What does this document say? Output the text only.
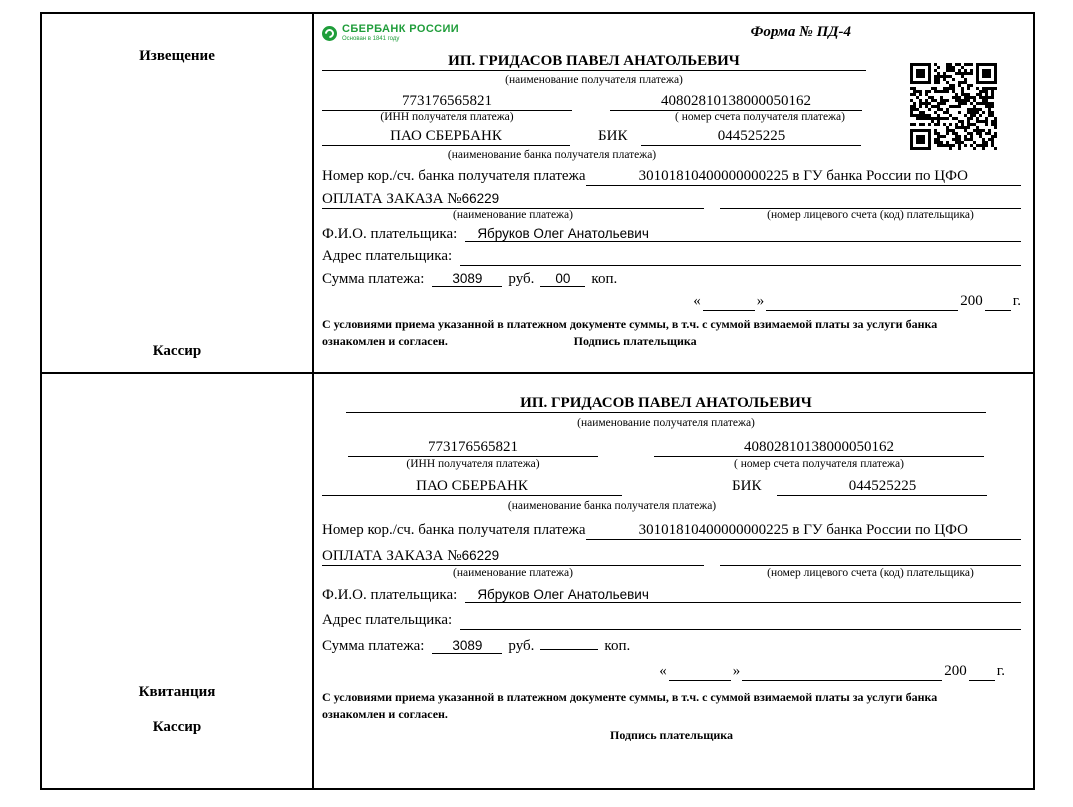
Извещение
Кассир
СБЕРБАНК РОССИИ
Основан в 1841 году	Форма № ПД-4
ИП. ГРИДАСОВ ПАВЕЛ АНАТОЛЬЕВИЧ
(наименование получателя платежа)
773176565821	40802810138000050162
(ИНН получателя платежа)	( номер счета получателя платежа)
ПАО СБЕРБАНК	БИК	044525225
(наименование банка получателя платежа)
Номер кор./сч. банка получателя платежа	30101810400000000225 в ГУ банка России по ЦФО
ОПЛАТА ЗАКАЗА №66229

(наименование платежа)	(номер лицевого счета (код) плательщика)
Ф.И.О. плательщика:	Ябруков Олег Анатольевич
Адрес плательщика:

Сумма платежа:	3089	руб.	00	коп.
«
	»
	200
г.
С условиями приема указанной в платежном документе суммы, в т.ч. с суммой взимаемой платы за услуги банка
ознакомлен и согласен.	Подпись плательщика
Квитанция
Кассир
ИП. ГРИДАСОВ ПАВЕЛ АНАТОЛЬЕВИЧ
(наименование получателя платежа)
773176565821	40802810138000050162
(ИНН получателя платежа)	( номер счета получателя платежа)
ПАО СБЕРБАНК	БИК	044525225
(наименование банка получателя платежа)
Номер кор./сч. банка получателя платежа	30101810400000000225 в ГУ банка России по ЦФО
ОПЛАТА ЗАКАЗА №66229

(наименование платежа)	(номер лицевого счета (код) плательщика)
Ф.И.О. плательщика:	Ябруков Олег Анатольевич
Адрес плательщика:

Сумма платежа:	3089	руб.	коп.
«
	»
	200
г.
С условиями приема указанной в платежном документе суммы, в т.ч. с суммой взимаемой платы за услуги банка
ознакомлен и согласен.
Подпись плательщика
